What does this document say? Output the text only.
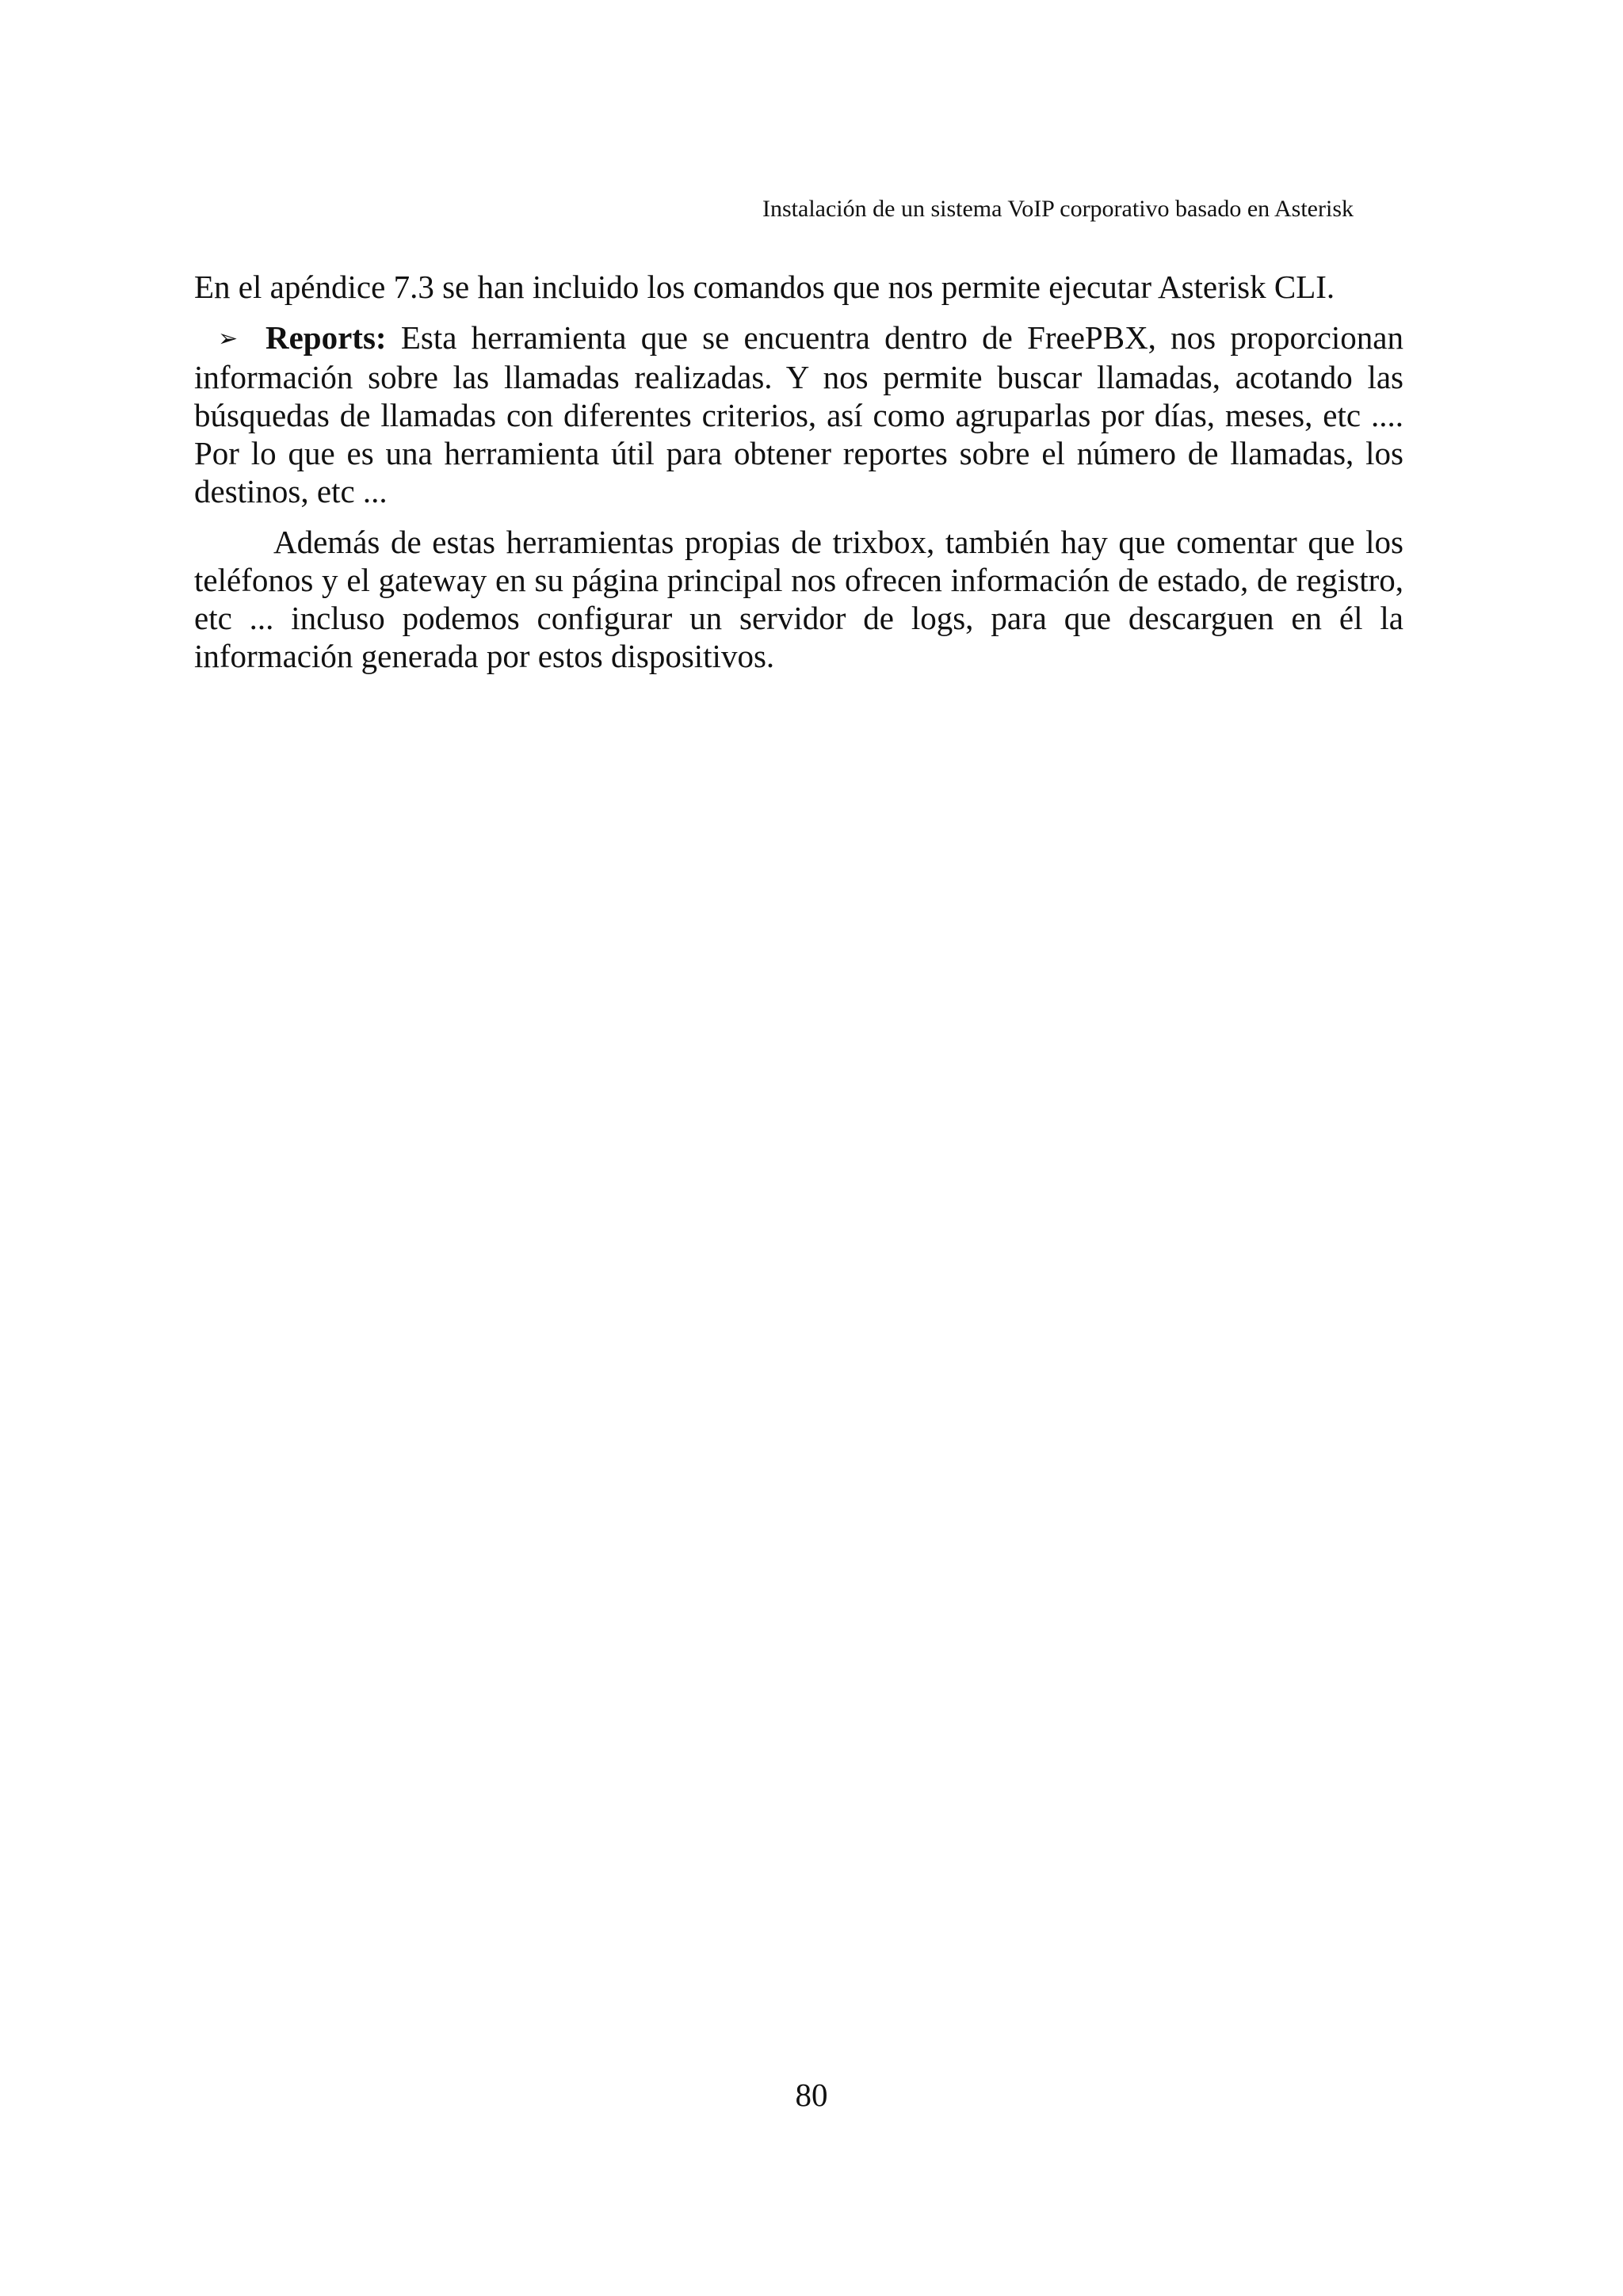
Instalación de un sistema VoIP corporativo basado en Asterisk

En el apéndice 7.3 se han incluido los comandos que nos permite ejecutar Asterisk CLI.

➢ Reports: Esta herramienta que se encuentra dentro de FreePBX, nos proporcionan información sobre las llamadas realizadas. Y nos permite buscar llamadas, acotando las búsquedas de llamadas con diferentes criterios, así como agruparlas por días, meses, etc .... Por lo que es una herramienta útil para obtener reportes sobre el número de llamadas, los destinos, etc ...

Además de estas herramientas propias de trixbox, también hay que comentar que los teléfonos y el gateway en su página principal nos ofrecen información de estado, de registro, etc ... incluso podemos configurar un servidor de logs, para que descarguen en él la información generada por estos dispositivos.

80
